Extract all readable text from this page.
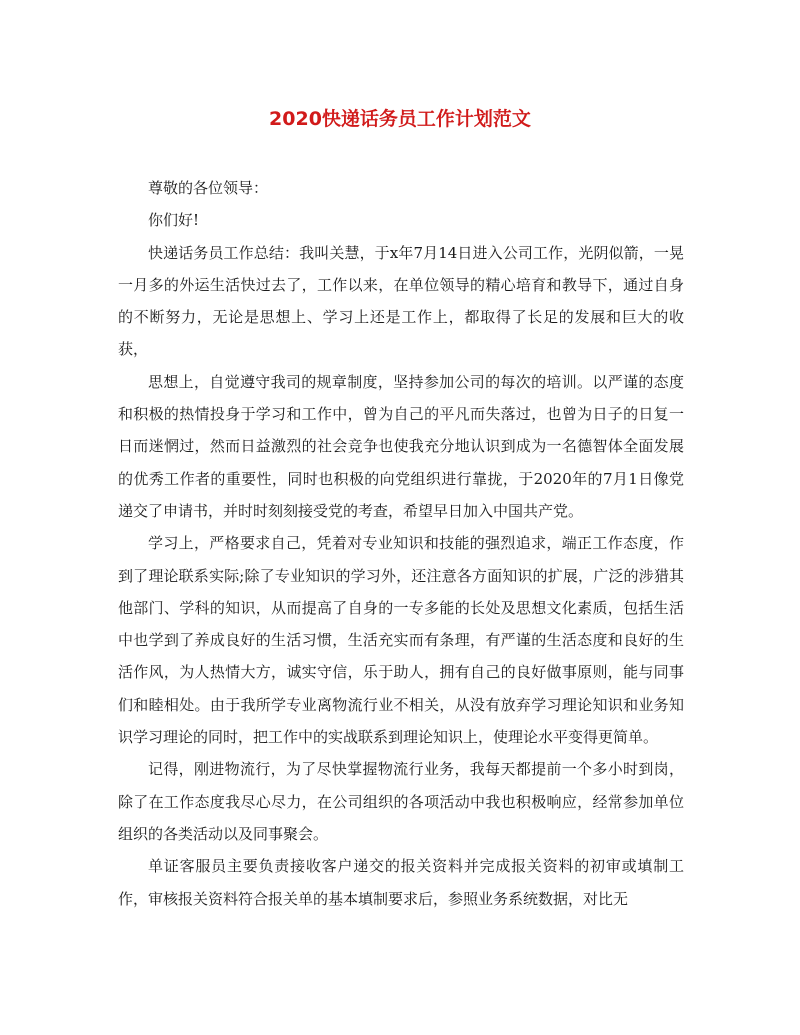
2020快递话务员工作计划范文

尊敬的各位领导：

你们好!

快递话务员工作总结：我叫关慧，于x年7月14日进入公司工作，光阴似箭，一晃一月多的外运生活快过去了，工作以来，在单位领导的精心培育和教导下，通过自身的不断努力，无论是思想上、学习上还是工作上，都取得了长足的发展和巨大的收获，

思想上，自觉遵守我司的规章制度，坚持参加公司的每次的培训。以严谨的态度和积极的热情投身于学习和工作中，曾为自己的平凡而失落过，也曾为日子的日复一日而迷惘过，然而日益激烈的社会竞争也使我充分地认识到成为一名德智体全面发展的优秀工作者的重要性，同时也积极的向党组织进行靠拢，于2020年的7月1日像党递交了申请书，并时时刻刻接受党的考查，希望早日加入中国共产党。

学习上，严格要求自己，凭着对专业知识和技能的强烈追求，端正工作态度，作到了理论联系实际;除了专业知识的学习外，还注意各方面知识的扩展，广泛的涉猎其他部门、学科的知识，从而提高了自身的一专多能的长处及思想文化素质，包括生活中也学到了养成良好的生活习惯，生活充实而有条理，有严谨的生活态度和良好的生活作风，为人热情大方，诚实守信，乐于助人，拥有自己的良好做事原则，能与同事们和睦相处。由于我所学专业离物流行业不相关，从没有放弃学习理论知识和业务知识学习理论的同时，把工作中的实战联系到理论知识上，使理论水平变得更简单。

记得，刚进物流行，为了尽快掌握物流行业务，我每天都提前一个多小时到岗，除了在工作态度我尽心尽力，在公司组织的各项活动中我也积极响应，经常参加单位组织的各类活动以及同事聚会。

单证客服员主要负责接收客户递交的报关资料并完成报关资料的初审或填制工作，审核报关资料符合报关单的基本填制要求后，参照业务系统数据，对比无
